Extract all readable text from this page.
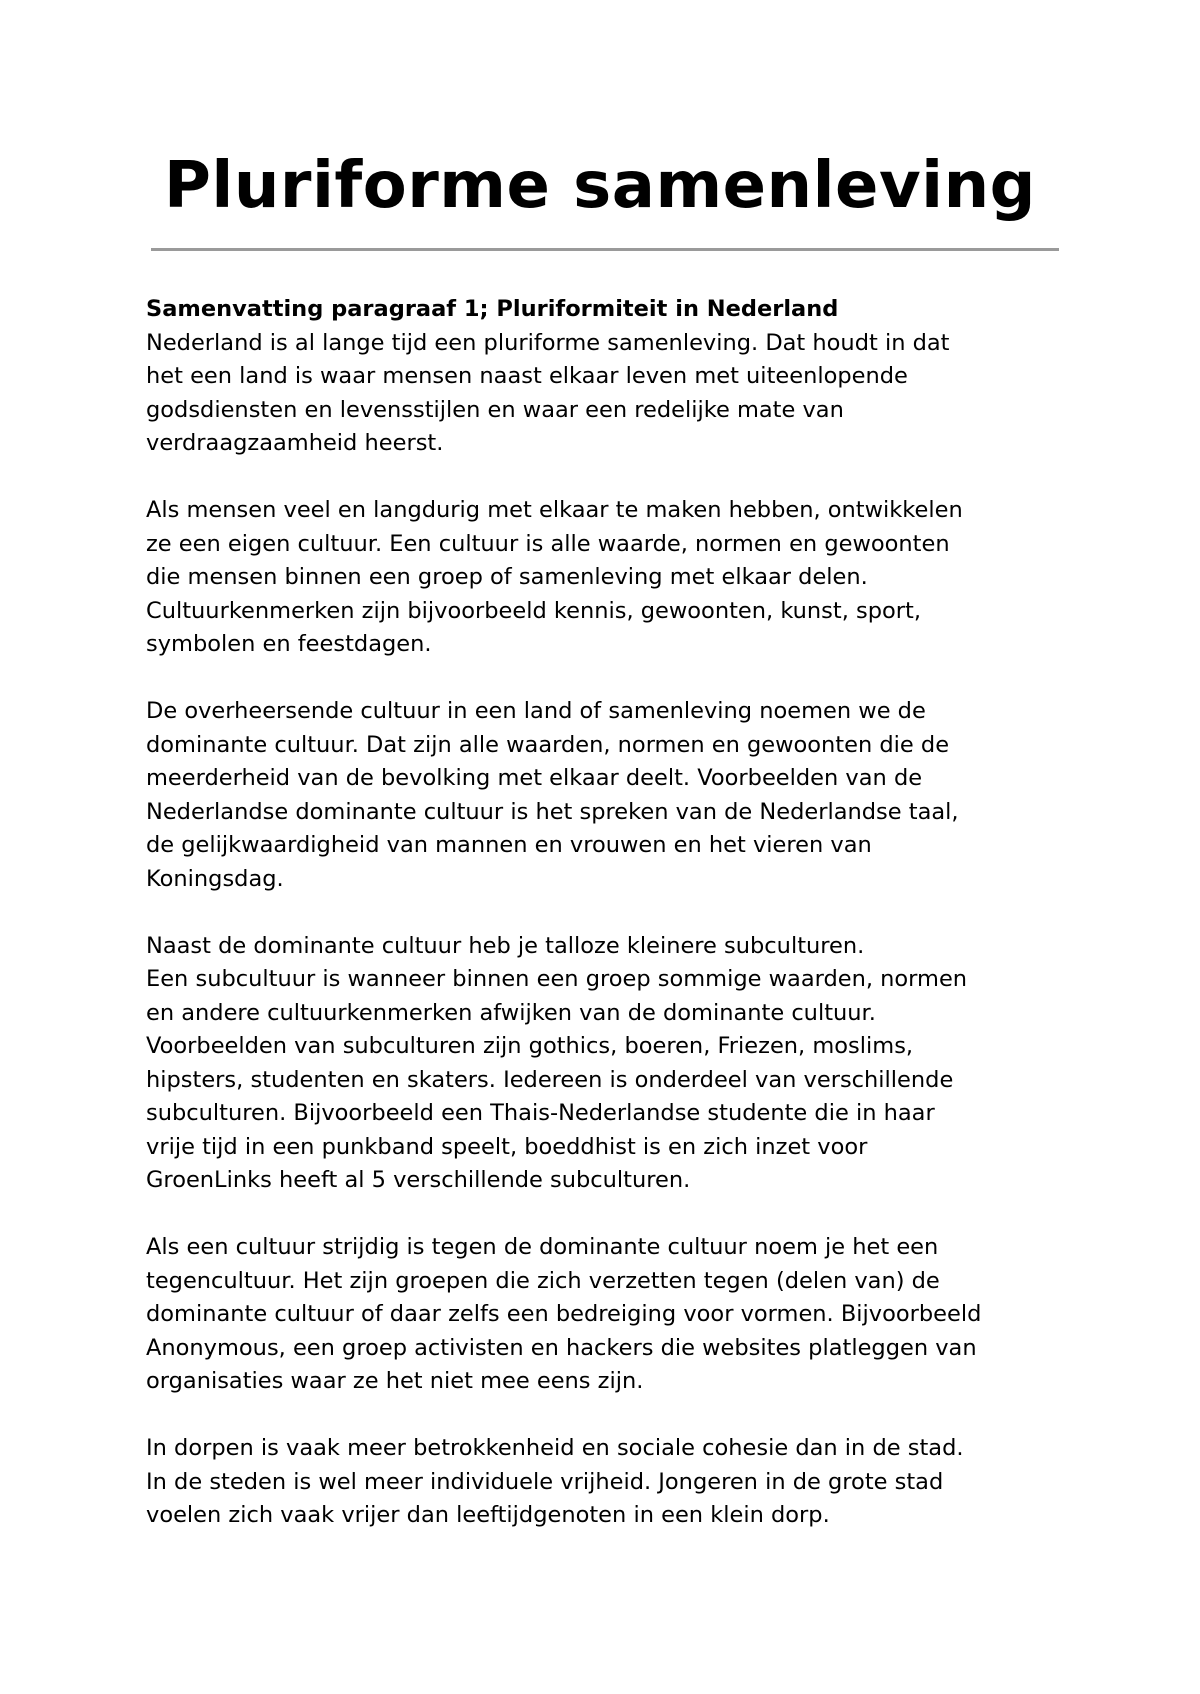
Pluriforme samenleving

Samenvatting paragraaf 1; Pluriformiteit in Nederland
Nederland is al lange tijd een pluriforme samenleving. Dat houdt in dat
het een land is waar mensen naast elkaar leven met uiteenlopende
godsdiensten en levensstijlen en waar een redelijke mate van
verdraagzaamheid heerst.

Als mensen veel en langdurig met elkaar te maken hebben, ontwikkelen
ze een eigen cultuur. Een cultuur is alle waarde, normen en gewoonten
die mensen binnen een groep of samenleving met elkaar delen.
Cultuurkenmerken zijn bijvoorbeeld kennis, gewoonten, kunst, sport,
symbolen en feestdagen.

De overheersende cultuur in een land of samenleving noemen we de
dominante cultuur. Dat zijn alle waarden, normen en gewoonten die de
meerderheid van de bevolking met elkaar deelt. Voorbeelden van de
Nederlandse dominante cultuur is het spreken van de Nederlandse taal,
de gelijkwaardigheid van mannen en vrouwen en het vieren van
Koningsdag.

Naast de dominante cultuur heb je talloze kleinere subculturen.
Een subcultuur is wanneer binnen een groep sommige waarden, normen
en andere cultuurkenmerken afwijken van de dominante cultuur.
Voorbeelden van subculturen zijn gothics, boeren, Friezen, moslims,
hipsters, studenten en skaters. Iedereen is onderdeel van verschillende
subculturen. Bijvoorbeeld een Thais-Nederlandse studente die in haar
vrije tijd in een punkband speelt, boeddhist is en zich inzet voor
GroenLinks heeft al 5 verschillende subculturen.

Als een cultuur strijdig is tegen de dominante cultuur noem je het een
tegencultuur. Het zijn groepen die zich verzetten tegen (delen van) de
dominante cultuur of daar zelfs een bedreiging voor vormen. Bijvoorbeeld
Anonymous, een groep activisten en hackers die websites platleggen van
organisaties waar ze het niet mee eens zijn.

In dorpen is vaak meer betrokkenheid en sociale cohesie dan in de stad.
In de steden is wel meer individuele vrijheid. Jongeren in de grote stad
voelen zich vaak vrijer dan leeftijdgenoten in een klein dorp.
